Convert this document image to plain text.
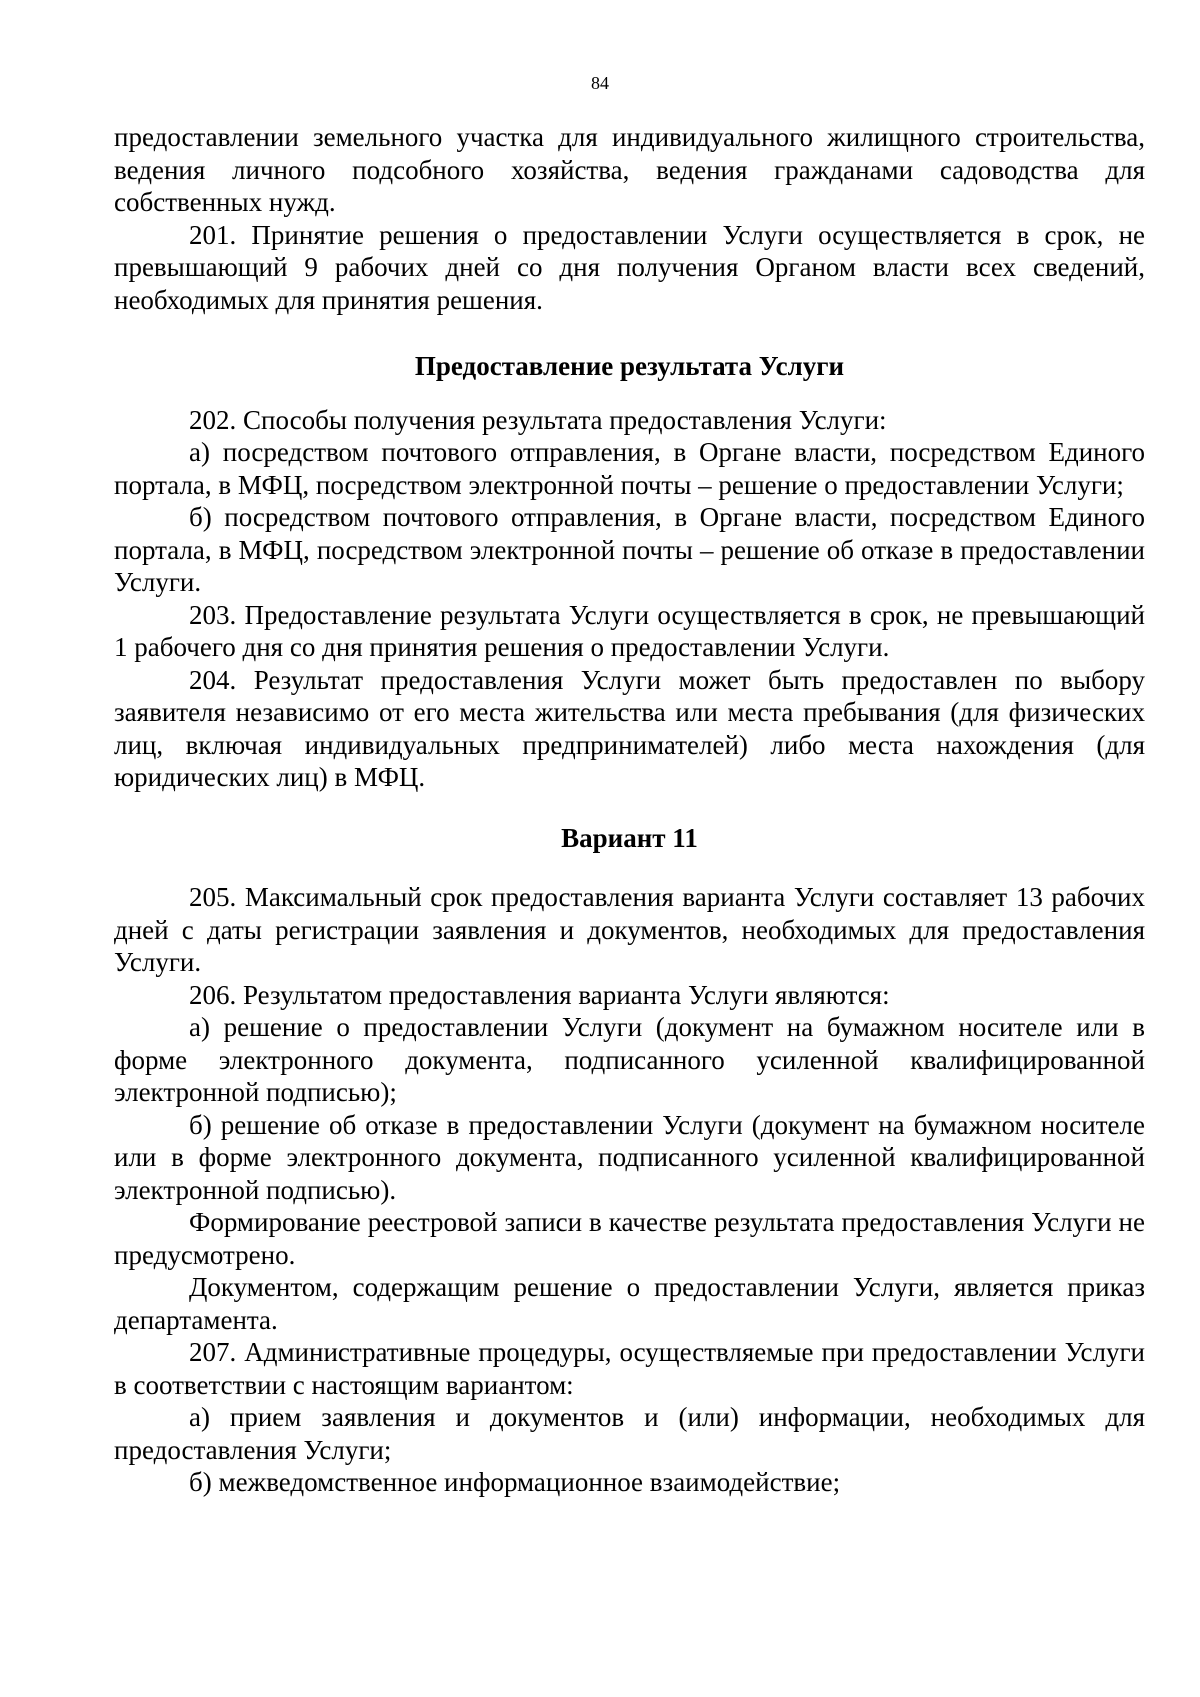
84

предоставлении земельного участка для индивидуального жилищного строительства, ведения личного подсобного хозяйства, ведения гражданами садоводства для собственных нужд.

201. Принятие решения о предоставлении Услуги осуществляется в срок, не превышающий 9 рабочих дней со дня получения Органом власти всех сведений, необходимых для принятия решения.

Предоставление результата Услуги

202. Способы получения результата предоставления Услуги:

а) посредством почтового отправления, в Органе власти, посредством Единого портала, в МФЦ, посредством электронной почты – решение о предоставлении Услуги;

б) посредством почтового отправления, в Органе власти, посредством Единого портала, в МФЦ, посредством электронной почты – решение об отказе в предоставлении Услуги.

203. Предоставление результата Услуги осуществляется в срок, не превышающий 1 рабочего дня со дня принятия решения о предоставлении Услуги.

204. Результат предоставления Услуги может быть предоставлен по выбору заявителя независимо от его места жительства или места пребывания (для физических лиц, включая индивидуальных предпринимателей) либо места нахождения (для юридических лиц) в МФЦ.

Вариант 11

205. Максимальный срок предоставления варианта Услуги составляет 13 рабочих дней с даты регистрации заявления и документов, необходимых для предоставления Услуги.

206. Результатом предоставления варианта Услуги являются:

а) решение о предоставлении Услуги (документ на бумажном носителе или в форме электронного документа, подписанного усиленной квалифицированной электронной подписью);

б) решение об отказе в предоставлении Услуги (документ на бумажном носителе или в форме электронного документа, подписанного усиленной квалифицированной электронной подписью).

Формирование реестровой записи в качестве результата предоставления Услуги не предусмотрено.

Документом, содержащим решение о предоставлении Услуги, является приказ департамента.

207. Административные процедуры, осуществляемые при предоставлении Услуги в соответствии с настоящим вариантом:

а) прием заявления и документов и (или) информации, необходимых для предоставления Услуги;

б) межведомственное информационное взаимодействие;
